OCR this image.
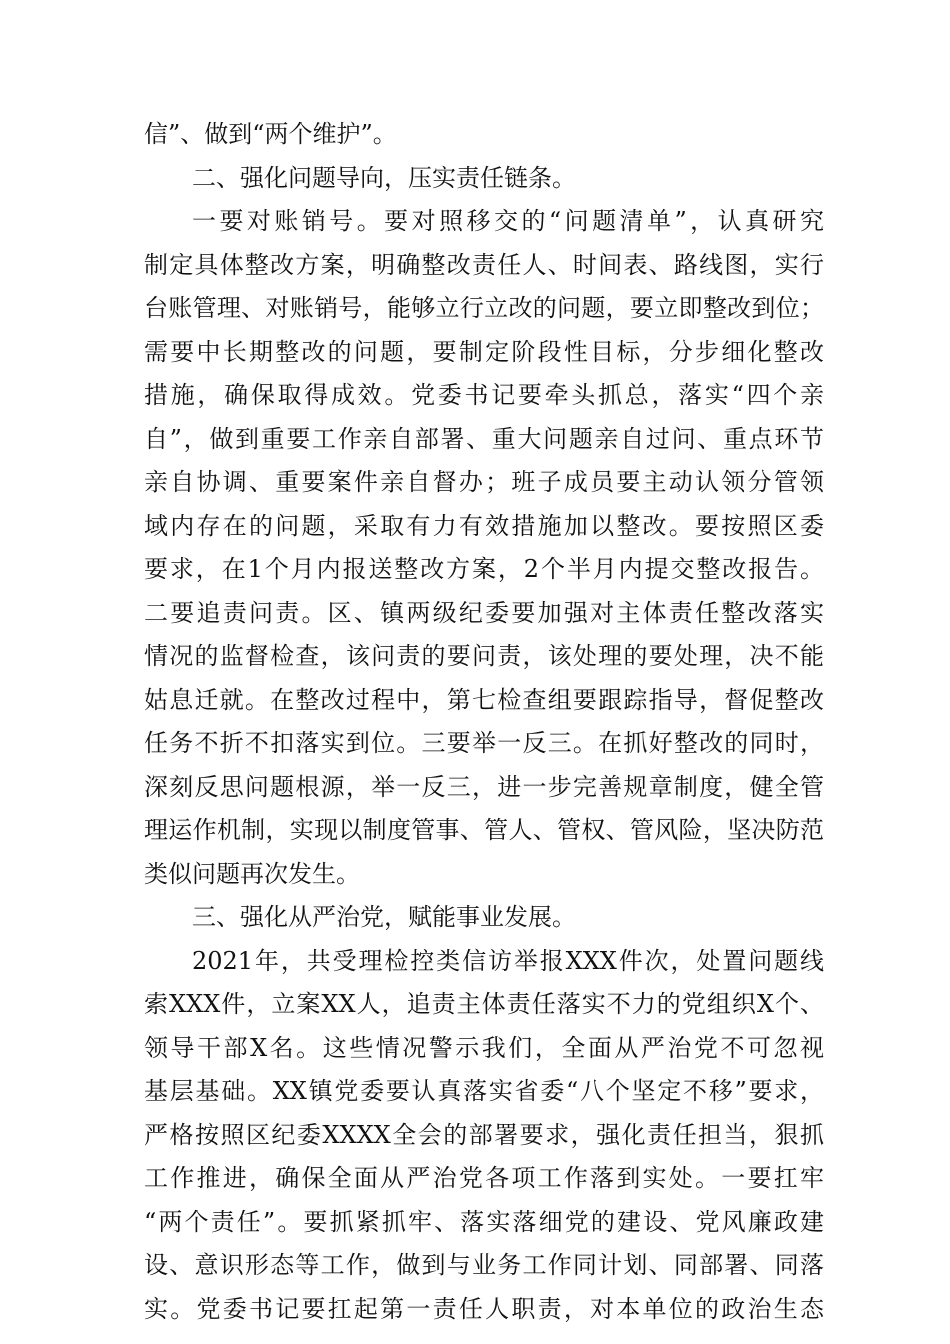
信”、做到“两个维护”。
二、强化问题导向，压实责任链条。
一要对账销号。要对照移交的“问题清单”，认真研究
制定具体整改方案，明确整改责任人、时间表、路线图，实行
台账管理、对账销号，能够立行立改的问题，要立即整改到位；
需要中长期整改的问题，要制定阶段性目标，分步细化整改
措施，确保取得成效。党委书记要牵头抓总，落实“四个亲
自”，做到重要工作亲自部署、重大问题亲自过问、重点环节
亲自协调、重要案件亲自督办；班子成员要主动认领分管领
域内存在的问题，采取有力有效措施加以整改。要按照区委
要求，在1个月内报送整改方案，2个半月内提交整改报告。
二要追责问责。区、镇两级纪委要加强对主体责任整改落实
情况的监督检查，该问责的要问责，该处理的要处理，决不能
姑息迁就。在整改过程中，第七检查组要跟踪指导，督促整改
任务不折不扣落实到位。三要举一反三。在抓好整改的同时，
深刻反思问题根源，举一反三，进一步完善规章制度，健全管
理运作机制，实现以制度管事、管人、管权、管风险，坚决防范
类似问题再次发生。
三、强化从严治党，赋能事业发展。
2021年，共受理检控类信访举报XXX件次，处置问题线
索XXX件，立案XX人，追责主体责任落实不力的党组织X个、
领导干部X名。这些情况警示我们，全面从严治党不可忽视
基层基础。XX镇党委要认真落实省委“八个坚定不移”要求，
严格按照区纪委XXXX全会的部署要求，强化责任担当，狠抓
工作推进，确保全面从严治党各项工作落到实处。一要扛牢
“两个责任”。要抓紧抓牢、落实落细党的建设、党风廉政建
设、意识形态等工作，做到与业务工作同计划、同部署、同落
实。党委书记要扛起第一责任人职责，对本单位的政治生态
